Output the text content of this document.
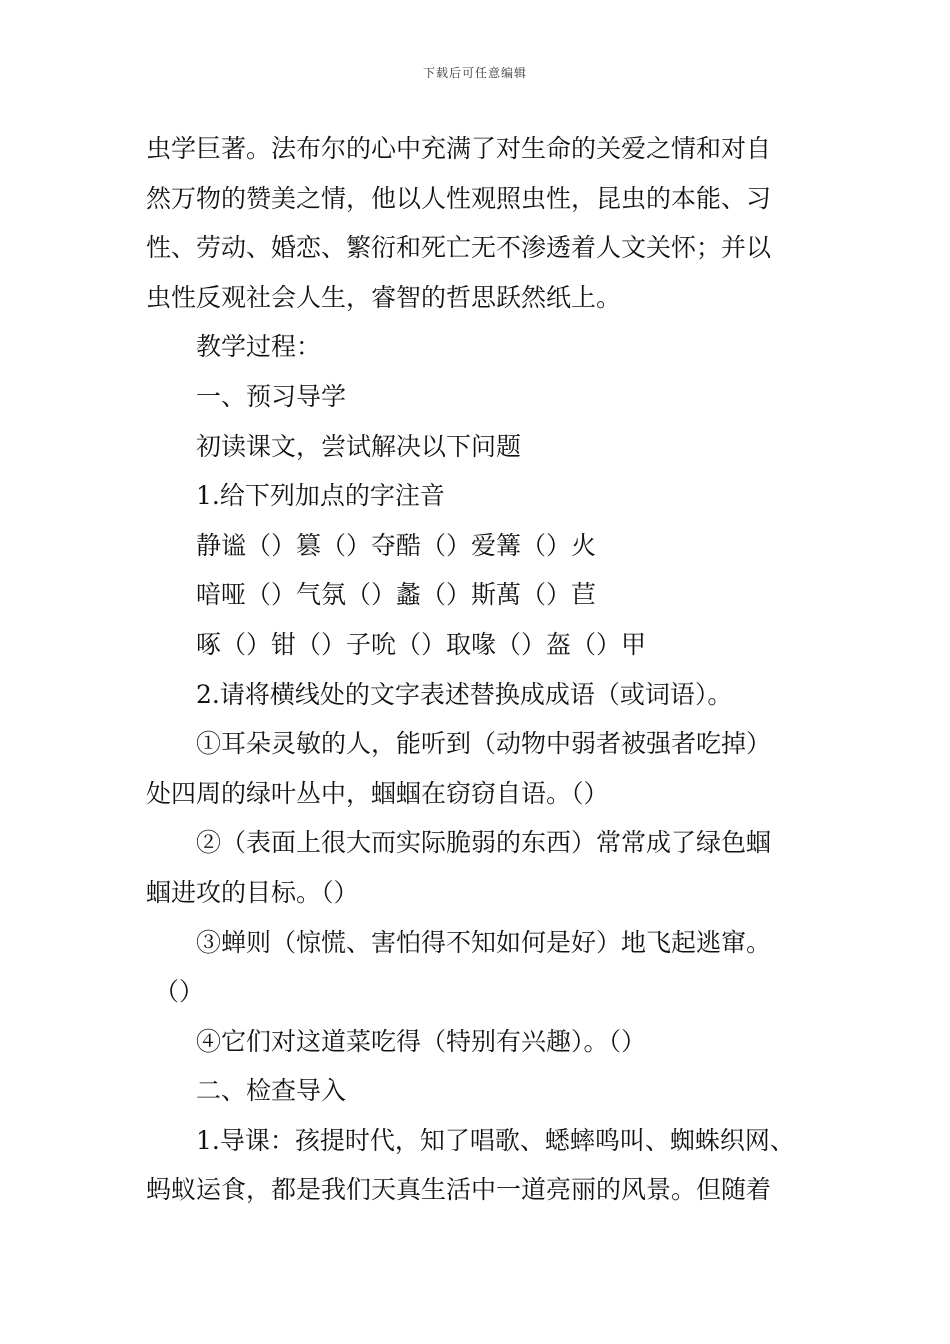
下载后可任意编辑
虫学巨著。法布尔的心中充满了对生命的关爱之情和对自
然万物的赞美之情，他以人性观照虫性，昆虫的本能、习
性、劳动、婚恋、繁衍和死亡无不渗透着人文关怀；并以
虫性反观社会人生，睿智的哲思跃然纸上。
教学过程：
一、预习导学
初读课文，尝试解决以下问题
1.给下列加点的字注音
静谧（）篡（）夺酷（）爱篝（）火
喑哑（）气氛（）蠡（）斯萬（）苣
啄（）钳（）子吮（）取喙（）盔（）甲
2.请将横线处的文字表述替换成成语（或词语）。
①耳朵灵敏的人，能听到（动物中弱者被强者吃掉）
处四周的绿叶丛中，蝈蝈在窃窃自语。（）
②（表面上很大而实际脆弱的东西）常常成了绿色蝈
蝈进攻的目标。（）
③蝉则（惊慌、害怕得不知如何是好）地飞起逃窜。
（）
④它们对这道菜吃得（特别有兴趣）。（）
二、检查导入
1.导课：孩提时代，知了唱歌、蟋蟀鸣叫、蜘蛛织网、
蚂蚁运食，都是我们天真生活中一道亮丽的风景。但随着
